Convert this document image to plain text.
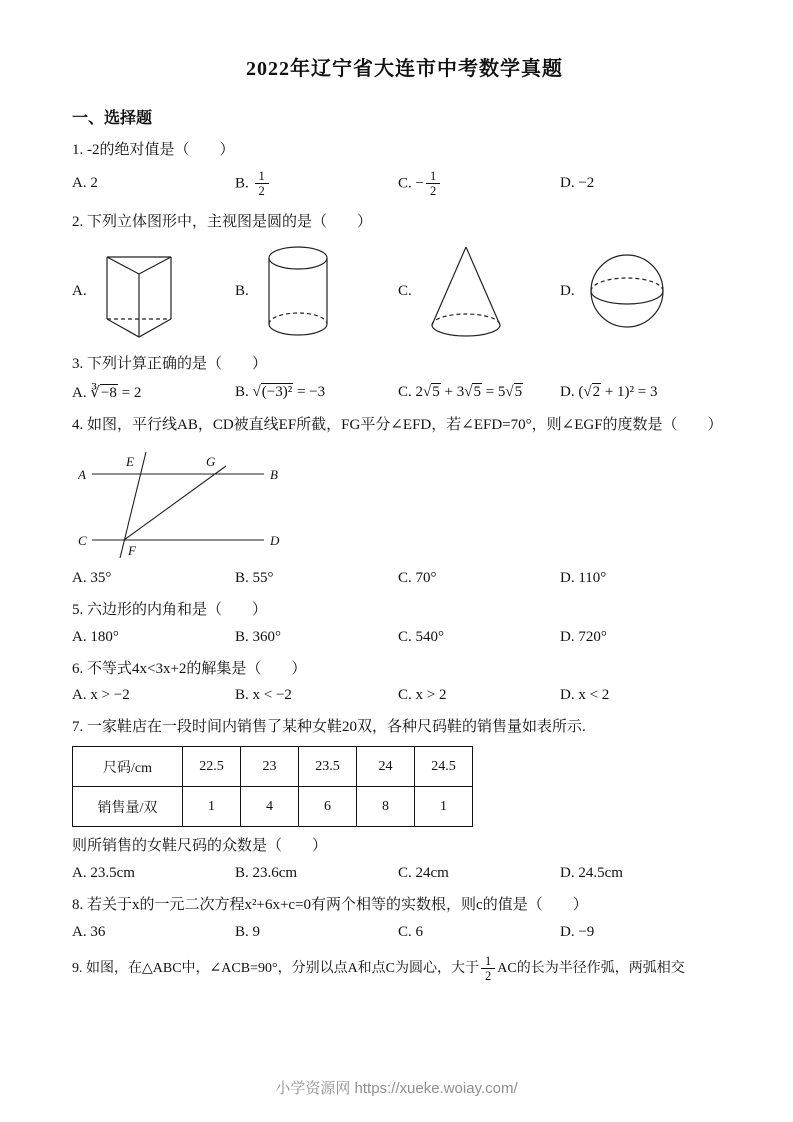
2022年辽宁省大连市中考数学真题
一、选择题

1. -2的绝对值是（　　）

A. 2	B. $\frac{1}{2}$	C. − $\frac{1}{2}$	D. −2

2. 下列立体图形中，主视图是圆的是（　　）

A.	B.	C.	D.

3. 下列计算正确的是（　　）

A. ∛−8 = 2	B. √(−3)² = −3	C. 2√5 + 3√5 = 5√5	D. (√2 + 1)² = 3

4. 如图，平行线AB，CD被直线EF所截，FG平分∠EFD，若∠EFD=70°，则∠EGF的度数是（　　）

A	B
C	D
E	G
F
A. 35°	B. 55°	C. 70°	D. 110°

5. 六边形的内角和是（　　）

A. 180°	B. 360°	C. 540°	D. 720°

6. 不等式4x<3x+2的解集是（　　）

A. x > −2	B. x < −2	C. x > 2	D. x < 2

7. 一家鞋店在一段时间内销售了某种女鞋20双，各种尺码鞋的销售量如表所示.

尺码/cm	22.5	23	23.5	24	24.5
销售量/双	1	4	6	8	1

则所销售的女鞋尺码的众数是（　　）

A. 23.5cm	B. 23.6cm	C. 24cm	D. 24.5cm

8. 若关于x的一元二次方程x²+6x+c=0有两个相等的实数根，则c的值是（　　）

A. 36	B. 9	C. 6	D. −9

9. 如图，在△ABC中，∠ACB=90°，分别以点A和点C为圆心，大于 $\frac{1}{2}$ AC的长为半径作弧，两弧相交

小学资源网 https://xueke.woiay.com/
